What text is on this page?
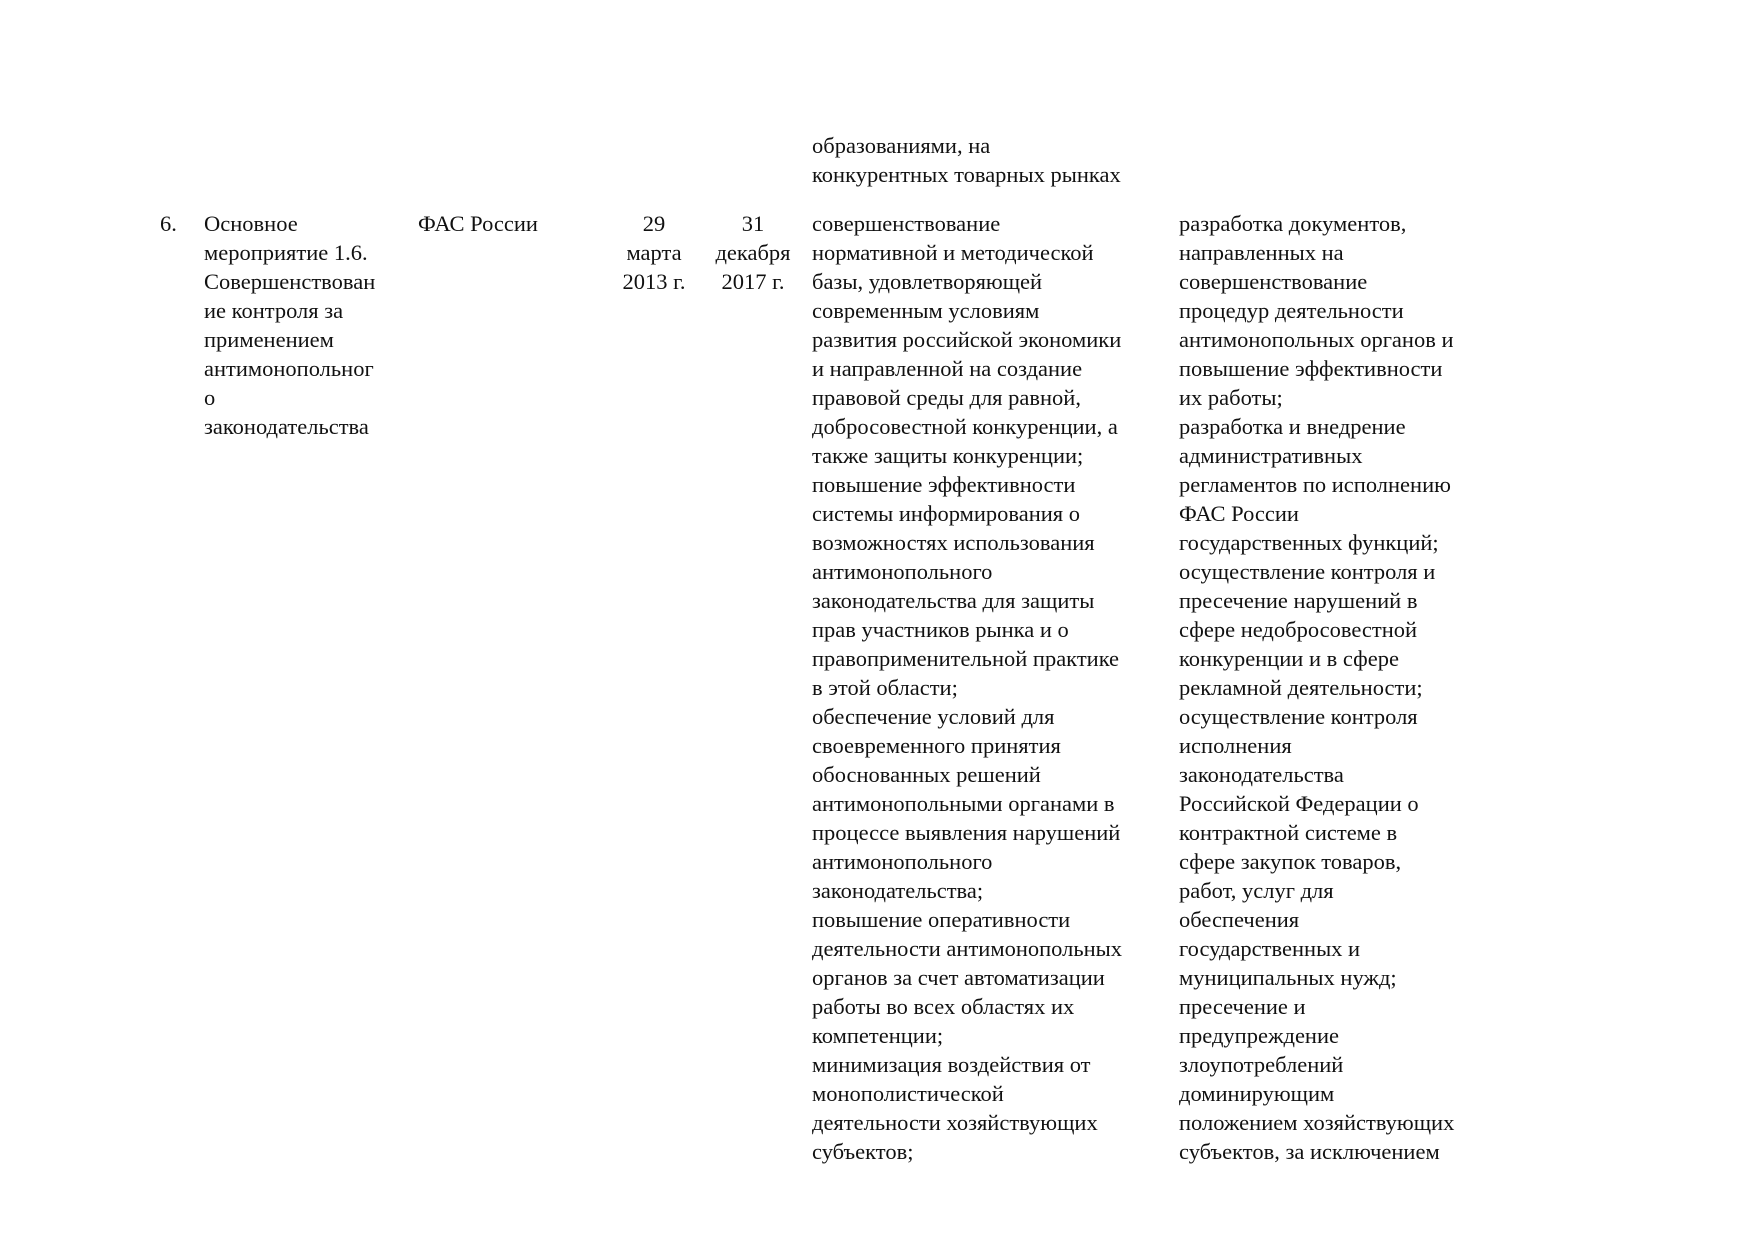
образованиями, на
конкурентных товарных рынках
6.	Основное
мероприятие 1.6.
Совершенствован
ие контроля за
применением
антимонопольног
о
законодательства
ФАС России	29
марта
2013 г.
31
декабря
2017 г.
совершенствование
нормативной и методической
базы, удовлетворяющей
современным условиям
развития российской экономики
и направленной на создание
правовой среды для равной,
добросовестной конкуренции, а
также защиты конкуренции;
повышение эффективности
системы информирования о
возможностях использования
антимонопольного
законодательства для защиты
прав участников рынка и о
правоприменительной практике
в этой области;
обеспечение условий для
своевременного принятия
обоснованных решений
антимонопольными органами в
процессе выявления нарушений
антимонопольного
законодательства;
повышение оперативности
деятельности антимонопольных
органов за счет автоматизации
работы во всех областях их
компетенции;
минимизация воздействия от
монополистической
деятельности хозяйствующих
субъектов;
разработка документов,
направленных на
совершенствование
процедур деятельности
антимонопольных органов и
повышение эффективности
их работы;
разработка и внедрение
административных
регламентов по исполнению
ФАС России
государственных функций;
осуществление контроля и
пресечение нарушений в
сфере недобросовестной
конкуренции и в сфере
рекламной деятельности;
осуществление контроля
исполнения
законодательства
Российской Федерации о
контрактной системе в
сфере закупок товаров,
работ, услуг для
обеспечения
государственных и
муниципальных нужд;
пресечение и
предупреждение
злоупотреблений
доминирующим
положением хозяйствующих
субъектов, за исключением
